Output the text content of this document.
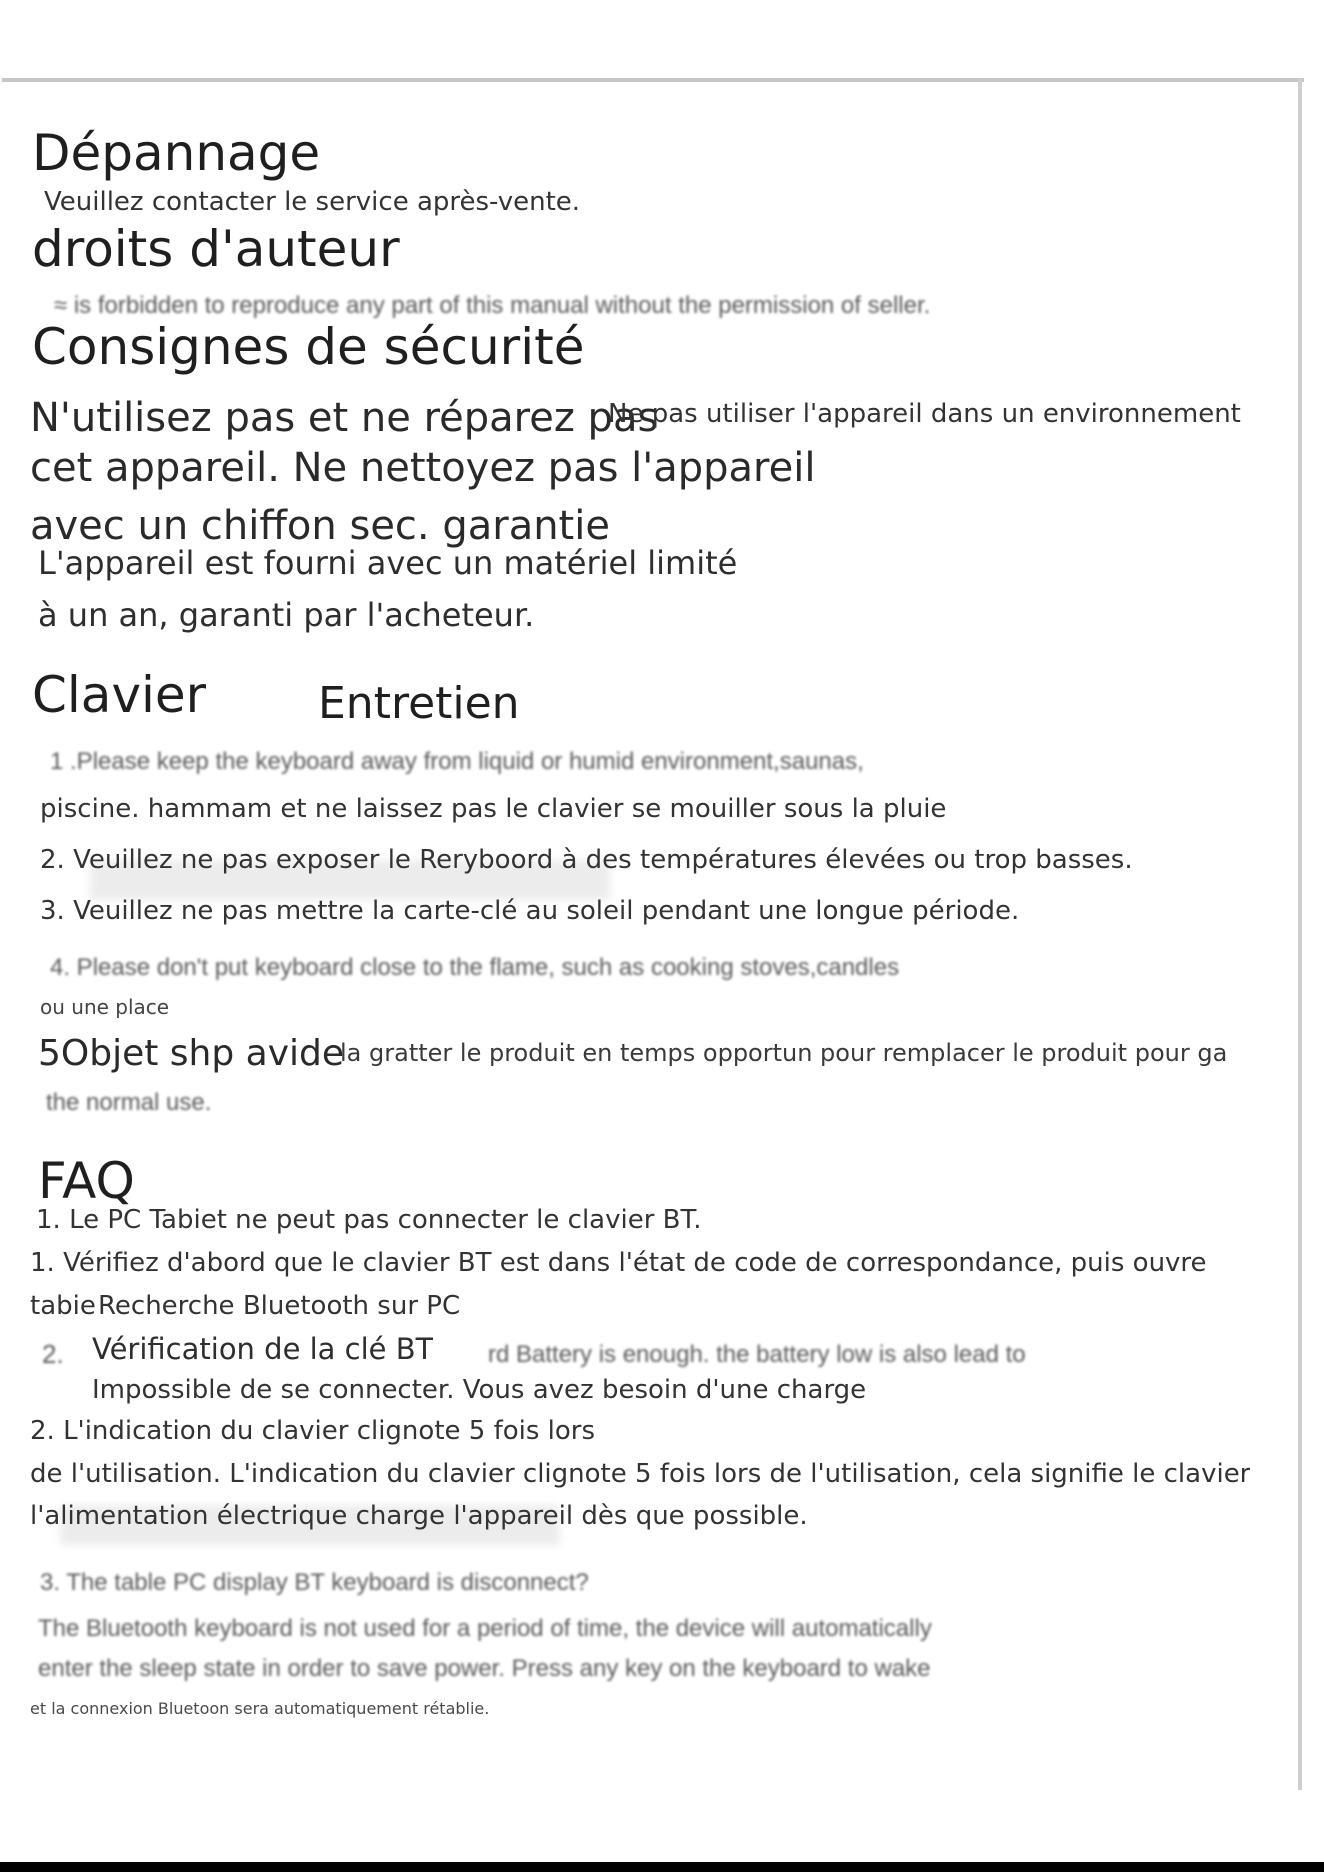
Dépannage
Veuillez contacter le service après-vente.
droits d'auteur
≈ is forbidden to reproduce any part of this manual without the permission of seller.
Consignes de sécurité
N'utilisez pas et ne réparez pas
Ne pas utiliser l'appareil dans un environnement
cet appareil. Ne nettoyez pas l'appareil
avec un chiffon sec. garantie
L'appareil est fourni avec un matériel limité
à un an, garanti par l'acheteur.
Clavier	Entretien
1 .Please keep the keyboard away from liquid or humid environment,saunas,
piscine. hammam et ne laissez pas le clavier se mouiller sous la pluie
2. Veuillez ne pas exposer le Reryboord à des températures élevées ou trop basses.
3. Veuillez ne pas mettre la carte-clé au soleil pendant une longue période.
4. Please don't put keyboard close to the flame, such as cooking stoves,candles
ou une place
5Objet shp avide
la gratter le produit en temps opportun pour remplacer le produit pour ga
the normal use.
FAQ
1. Le PC Tabiet ne peut pas connecter le clavier BT.
1. Vérifiez d'abord que le clavier BT est dans l'état de code de correspondance, puis ouvre
tabie Recherche Bluetooth sur PC
2. Vérification de la clé BT rd Battery is enough. the battery low is also lead to
Impossible de se connecter. Vous avez besoin d'une charge
2. L'indication du clavier clignote 5 fois lors
de l'utilisation. L'indication du clavier clignote 5 fois lors de l'utilisation, cela signifie le clavier
l'alimentation électrique charge l'appareil dès que possible.
3. The table PC display BT keyboard is disconnect?
The Bluetooth keyboard is not used for a period of time, the device will automatically
enter the sleep state in order to save power. Press any key on the keyboard to wake
et la connexion Bluetoon sera automatiquement rétablie.
